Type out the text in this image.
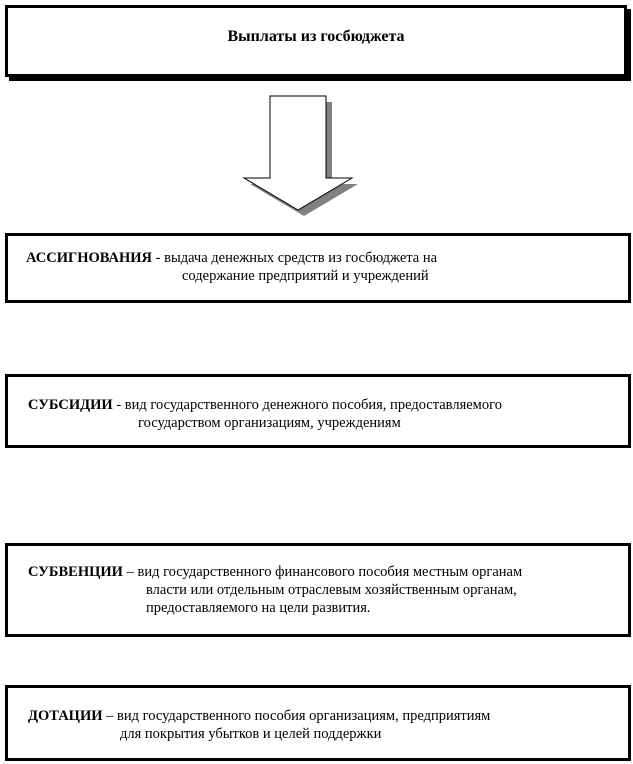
Выплаты из госбюджета
АССИГНОВАНИЯ - выдача денежных средств из госбюджета на
содержание предприятий и учреждений
СУБСИДИИ - вид государственного денежного пособия, предоставляемого
государством организациям, учреждениям
СУБВЕНЦИИ – вид государственного финансового пособия местным органам
власти или отдельным отраслевым хозяйственным органам,
предоставляемого на цели развития.
ДОТАЦИИ – вид государственного пособия организациям, предприятиям
для покрытия убытков и целей поддержки
